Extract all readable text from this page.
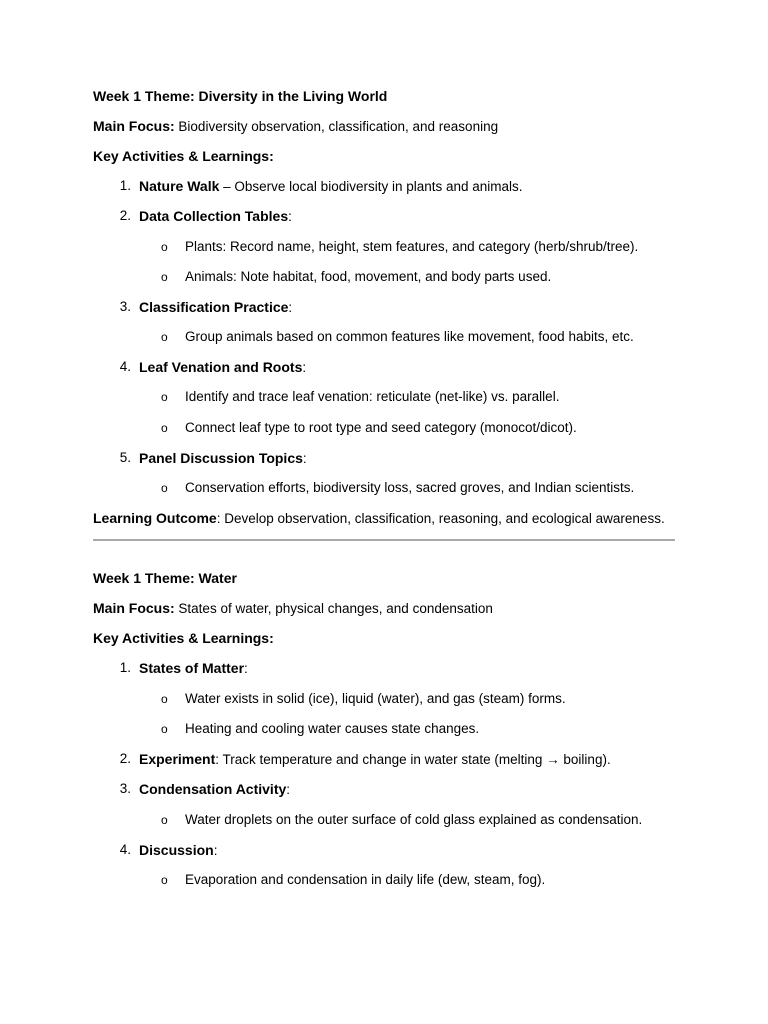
Week 1 Theme: Diversity in the Living World
Main Focus: Biodiversity observation, classification, and reasoning
Key Activities & Learnings:
1. Nature Walk – Observe local biodiversity in plants and animals.
2. Data Collection Tables:
o Plants: Record name, height, stem features, and category (herb/shrub/tree).
o Animals: Note habitat, food, movement, and body parts used.
3. Classification Practice:
o Group animals based on common features like movement, food habits, etc.
4. Leaf Venation and Roots:
o Identify and trace leaf venation: reticulate (net-like) vs. parallel.
o Connect leaf type to root type and seed category (monocot/dicot).
5. Panel Discussion Topics:
o Conservation efforts, biodiversity loss, sacred groves, and Indian scientists.
Learning Outcome: Develop observation, classification, reasoning, and ecological awareness.
Week 1 Theme: Water
Main Focus: States of water, physical changes, and condensation
Key Activities & Learnings:
1. States of Matter:
o Water exists in solid (ice), liquid (water), and gas (steam) forms.
o Heating and cooling water causes state changes.
2. Experiment: Track temperature and change in water state (melting → boiling).
3. Condensation Activity:
o Water droplets on the outer surface of cold glass explained as condensation.
4. Discussion:
o Evaporation and condensation in daily life (dew, steam, fog).
